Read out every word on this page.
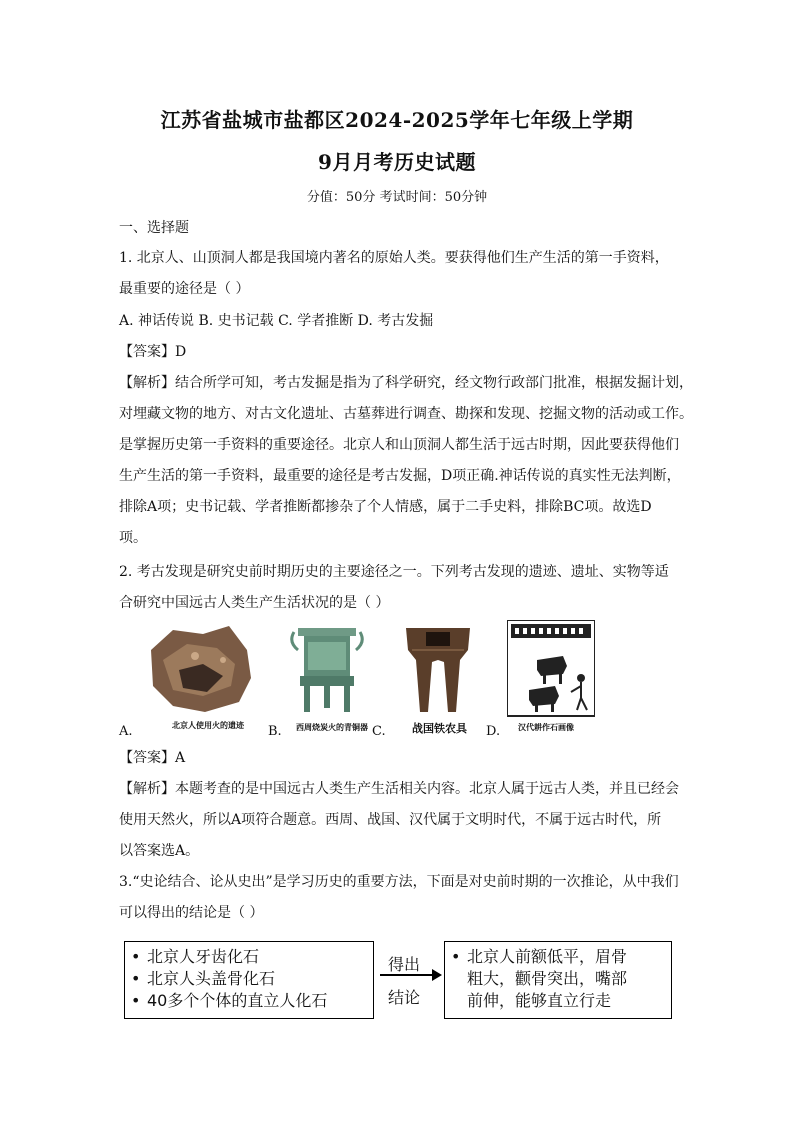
江苏省盐城市盐都区2024-2025学年七年级上学期
9月月考历史试题
分值：50分 考试时间：50分钟
一、选择题
1. 北京人、山顶洞人都是我国境内著名的原始人类。要获得他们生产生活的第一手资料，
最重要的途径是（ ）
A. 神话传说 B. 史书记载 C. 学者推断 D. 考古发掘
【答案】D
【解析】结合所学可知，考古发掘是指为了科学研究，经文物行政部门批准，根据发掘计划，
对埋藏文物的地方、对古文化遗址、古墓葬进行调查、勘探和发现、挖掘文物的活动或工作。
是掌握历史第一手资料的重要途径。北京人和山顶洞人都生活于远古时期，因此要获得他们
生产生活的第一手资料，最重要的途径是考古发掘，D项正确.神话传说的真实性无法判断，
排除A项；史书记载、学者推断都掺杂了个人情感，属于二手史料，排除BC项。故选D
项。
2. 考古发现是研究史前时期历史的主要途径之一。下列考古发现的遗迹、遗址、实物等适
合研究中国远古人类生产生活状况的是（ ）
A.	北京人使用火的遗迹 B. 西周烧炭火的青铜器 C. 战国铁农具 D. 汉代耕作石画像
【答案】A
【解析】本题考查的是中国远古人类生产生活相关内容。北京人属于远古人类，并且已经会
使用天然火，所以A项符合题意。西周、战国、汉代属于文明时代，不属于远古时代，所
以答案选A。
3.“史论结合、论从史出”是学习历史的重要方法，下面是对史前时期的一次推论，从中我们
可以得出的结论是（ ）
• 北京人牙齿化石
• 北京人头盖骨化石
• 40多个个体的直立人化石
得出
结论
• 北京人前额低平，眉骨
粗大，颧骨突出，嘴部
前伸，能够直立行走
